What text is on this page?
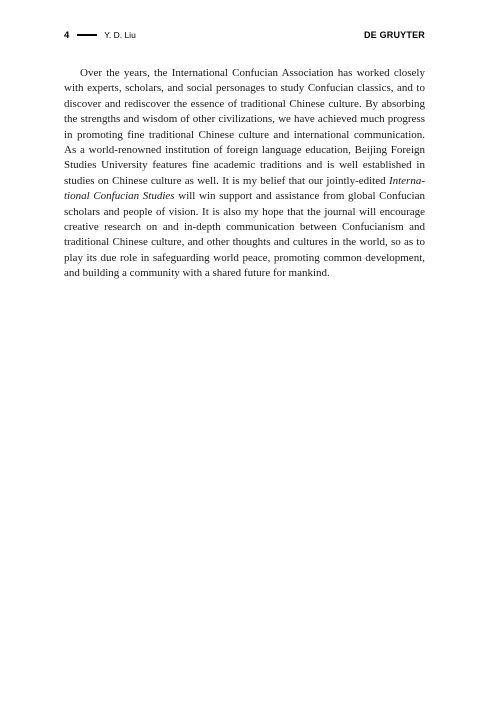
4	Y. D. Liu	DE GRUYTER

Over the years, the International Confucian Association has worked closely with experts, scholars, and social personages to study Confucian classics, and to discover and rediscover the essence of traditional Chinese culture. By absorbing the strengths and wisdom of other civilizations, we have achieved much progress in promoting fine traditional Chinese culture and international communication. As a world-renowned institution of foreign language education, Beijing Foreign Studies University features fine academic traditions and is well established in studies on Chinese culture as well. It is my belief that our jointly-edited International Confucian Studies will win support and assistance from global Confucian scholars and people of vision. It is also my hope that the journal will encourage creative research on and in-depth communication between Confucianism and traditional Chinese culture, and other thoughts and cultures in the world, so as to play its due role in safeguarding world peace, promoting common development, and building a community with a shared future for mankind.
